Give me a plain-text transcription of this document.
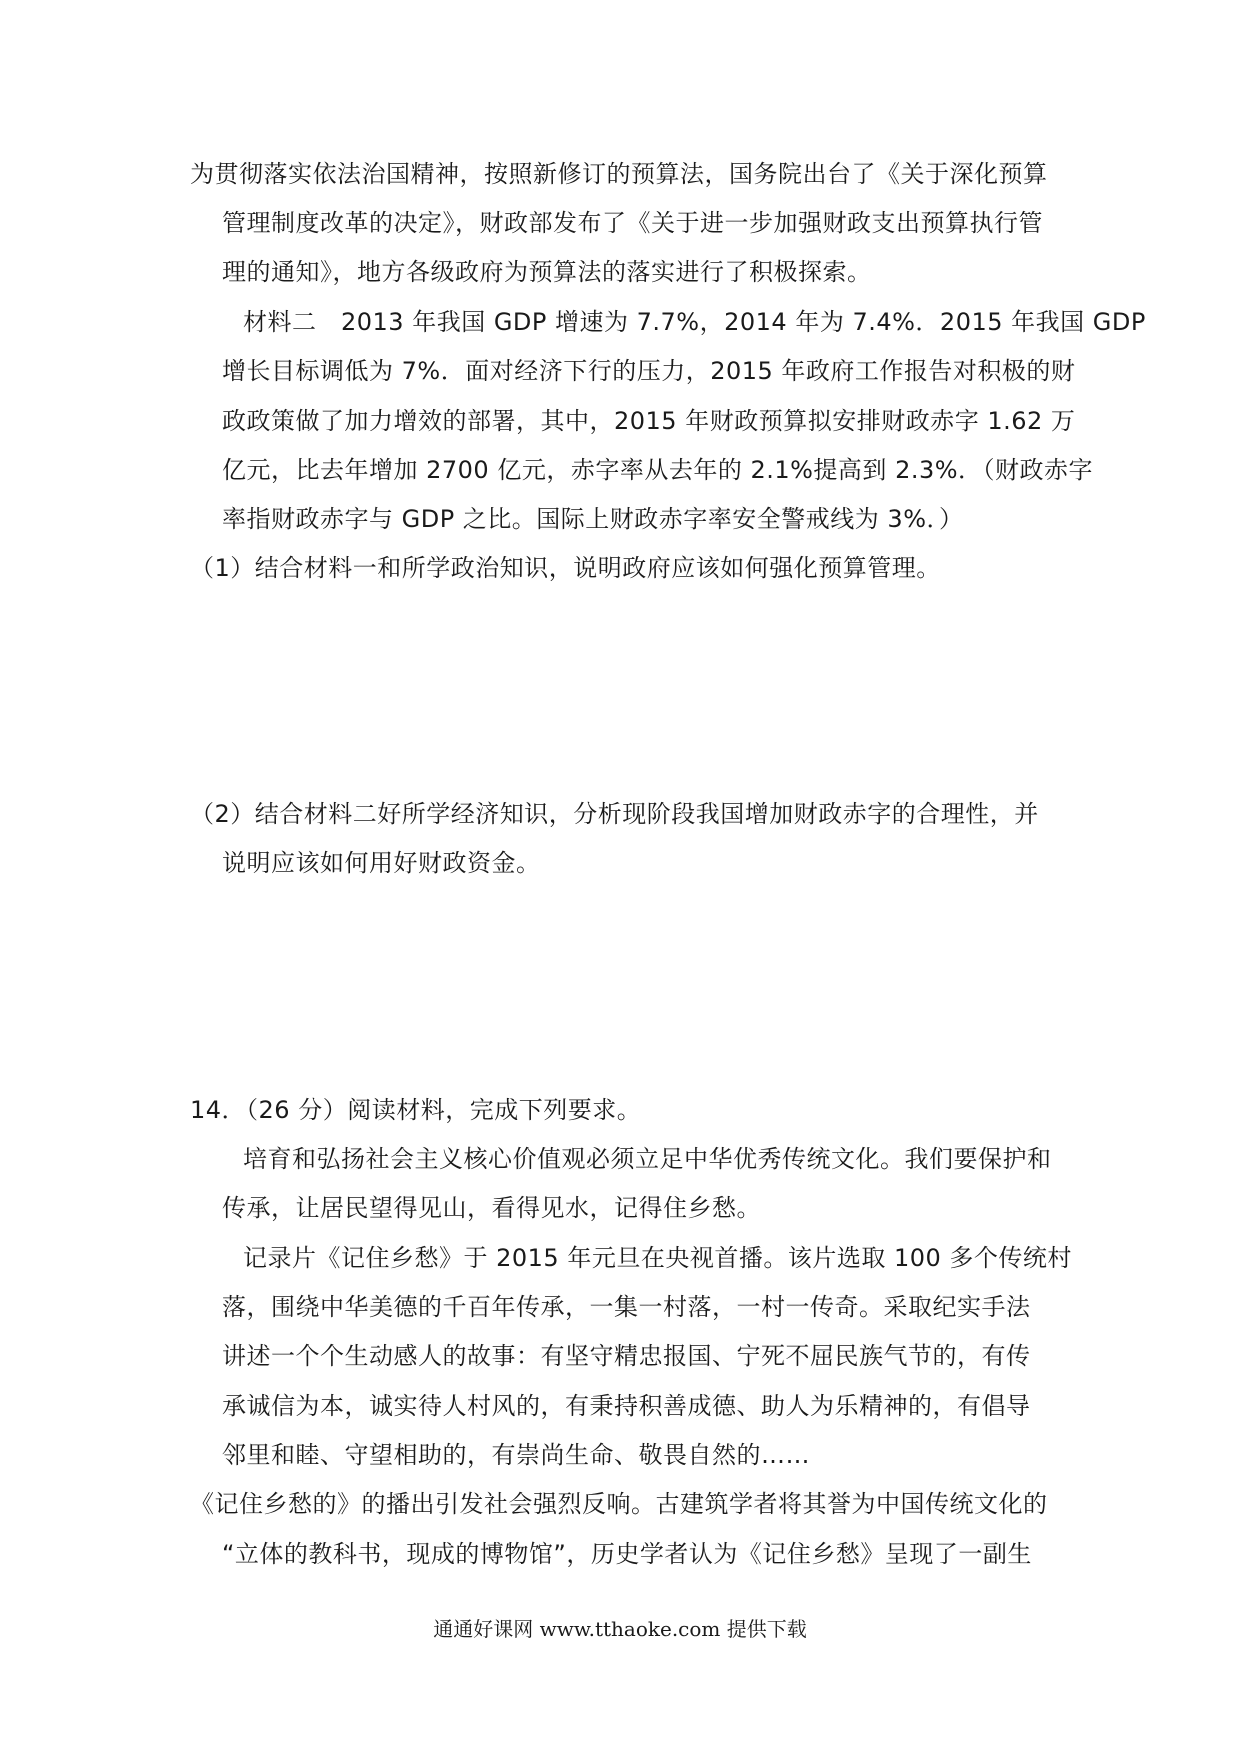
为贯彻落实依法治国精神，按照新修订的预算法，国务院出台了《关于深化预算
管理制度改革的决定》，财政部发布了《关于进一步加强财政支出预算执行管
理的通知》，地方各级政府为预算法的落实进行了积极探索。
材料二　2013 年我国 GDP 增速为 7.7%，2014 年为 7.4%．2015 年我国 GDP
增长目标调低为 7%．面对经济下行的压力，2015 年政府工作报告对积极的财
政政策做了加力增效的部署，其中，2015 年财政预算拟安排财政赤字 1.62 万
亿元，比去年增加 2700 亿元，赤字率从去年的 2.1%提高到 2.3%．（财政赤字
率指财政赤字与 GDP 之比。国际上财政赤字率安全警戒线为 3%．）
（1）结合材料一和所学政治知识，说明政府应该如何强化预算管理。
（2）结合材料二好所学经济知识，分析现阶段我国增加财政赤字的合理性，并
说明应该如何用好财政资金。
14．（26 分）阅读材料，完成下列要求。
培育和弘扬社会主义核心价值观必须立足中华优秀传统文化。我们要保护和
传承，让居民望得见山，看得见水，记得住乡愁。
记录片《记住乡愁》于 2015 年元旦在央视首播。该片选取 100 多个传统村
落，围绕中华美德的千百年传承，一集一村落，一村一传奇。采取纪实手法
讲述一个个生动感人的故事：有坚守精忠报国、宁死不屈民族气节的，有传
承诚信为本，诚实待人村风的，有秉持积善成德、助人为乐精神的，有倡导
邻里和睦、守望相助的，有崇尚生命、敬畏自然的……
《记住乡愁的》的播出引发社会强烈反响。古建筑学者将其誉为中国传统文化的
“立体的教科书，现成的博物馆”，历史学者认为《记住乡愁》呈现了一副生
通通好课网 www.tthaoke.com 提供下载
